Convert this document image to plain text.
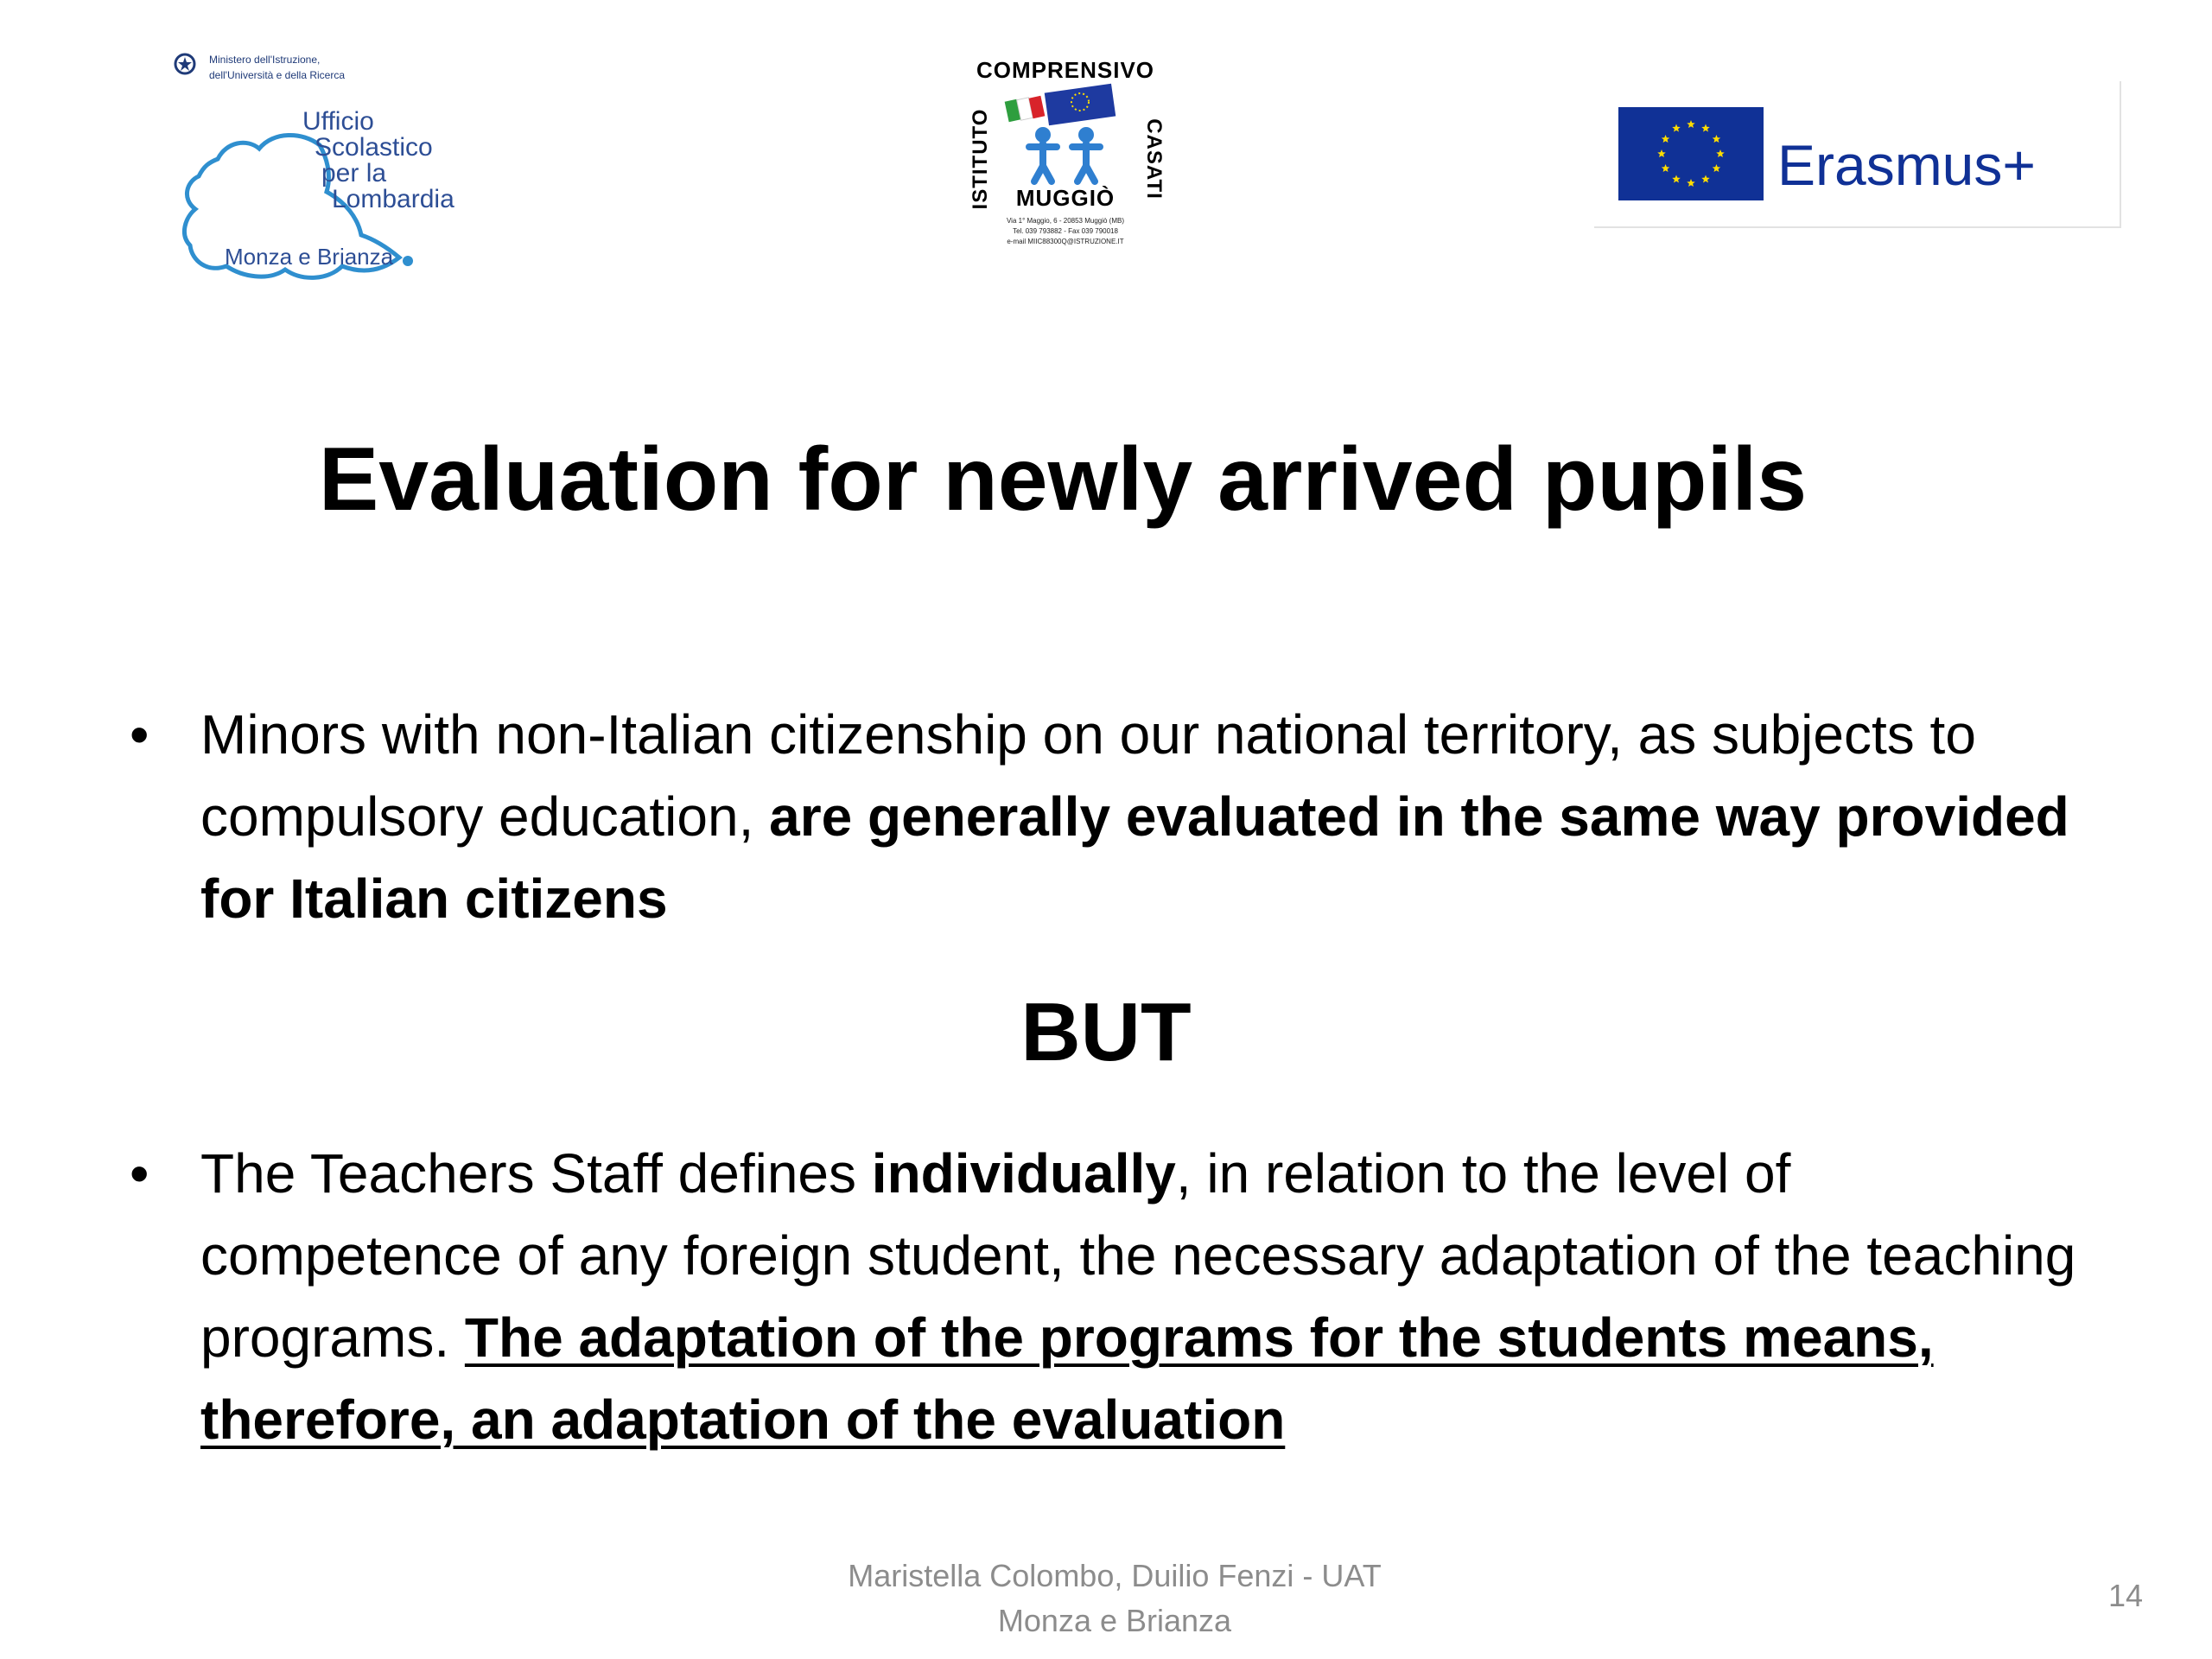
Ministero dell'Istruzione,
dell'Università e della Ricerca
Ufficio
Scolastico
per la
Lombardia
Monza e Brianza
COMPRENSIVO
ISTITUTO	CASATI
MUGGIÒ
Via 1° Maggio, 6 - 20853 Muggiò (MB)
Tel. 039 793882 - Fax 039 790018
e-mail MIIC88300Q@ISTRUZIONE.IT
Erasmus+
Evaluation for newly arrived pupils
• Minors with non-Italian citizenship on our national territory, as subjects to compulsory education, are generally evaluated in the same way provided for Italian citizens
BUT
• The Teachers Staff defines individually, in relation to the level of competence of any foreign student, the necessary adaptation of the teaching programs. The adaptation of the programs for the students means, therefore, an adaptation of the evaluation
Maristella Colombo, Duilio Fenzi - UAT
Monza e Brianza
14
